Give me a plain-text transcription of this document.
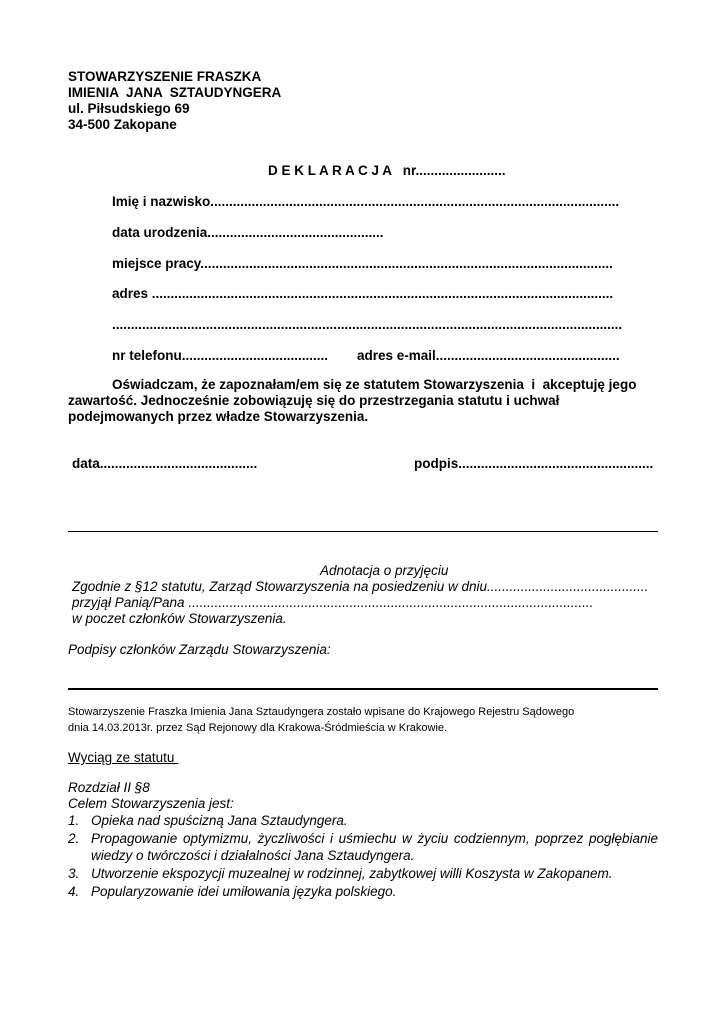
STOWARZYSZENIE FRASZKA
IMIENIA  JANA  SZTAUDYNGERA
ul. Piłsudskiego 69
34-500 Zakopane
D E K L A R A C J A   nr........................
Imię i nazwisko.............................................................................................................
data urodzenia...............................................
miejsce pracy..............................................................................................................
adres ...........................................................................................................................
........................................................................................................................................
nr telefonu....................................... adres e-mail.................................................
Oświadczam, że zapoznałam/em się ze statutem Stowarzyszenia  i  akceptuję jego
zawartość. Jednocześnie zobowiązuję się do przestrzegania statutu i uchwał
podejmowanych przez władze Stowarzyszenia.
data..........................................	podpis....................................................
Adnotacja o przyjęciu
Zgodnie z §12 statutu, Zarząd Stowarzyszenia na posiedzeniu w dniu...........................................
przyjął Panią/Pana ............................................................................................................
w poczet członków Stowarzyszenia.
Podpisy członków Zarządu Stowarzyszenia:
Stowarzyszenie Fraszka Imienia Jana Sztaudyngera zostało wpisane do Krajowego Rejestru Sądowego
dnia 14.03.2013r. przez Sąd Rejonowy dla Krakowa-Śródmieścia w Krakowie.
Wyciąg ze statutu
Rozdział II §8
Celem Stowarzyszenia jest:
1. Opieka nad spuścizną Jana Sztaudyngera.
2. Propagowanie optymizmu, życzliwości i uśmiechu w życiu codziennym, poprzez pogłębianie wiedzy o twórczości i działalności Jana Sztaudyngera.
3. Utworzenie ekspozycji muzealnej w rodzinnej, zabytkowej willi Koszysta w Zakopanem.
4. Popularyzowanie idei umiłowania języka polskiego.
